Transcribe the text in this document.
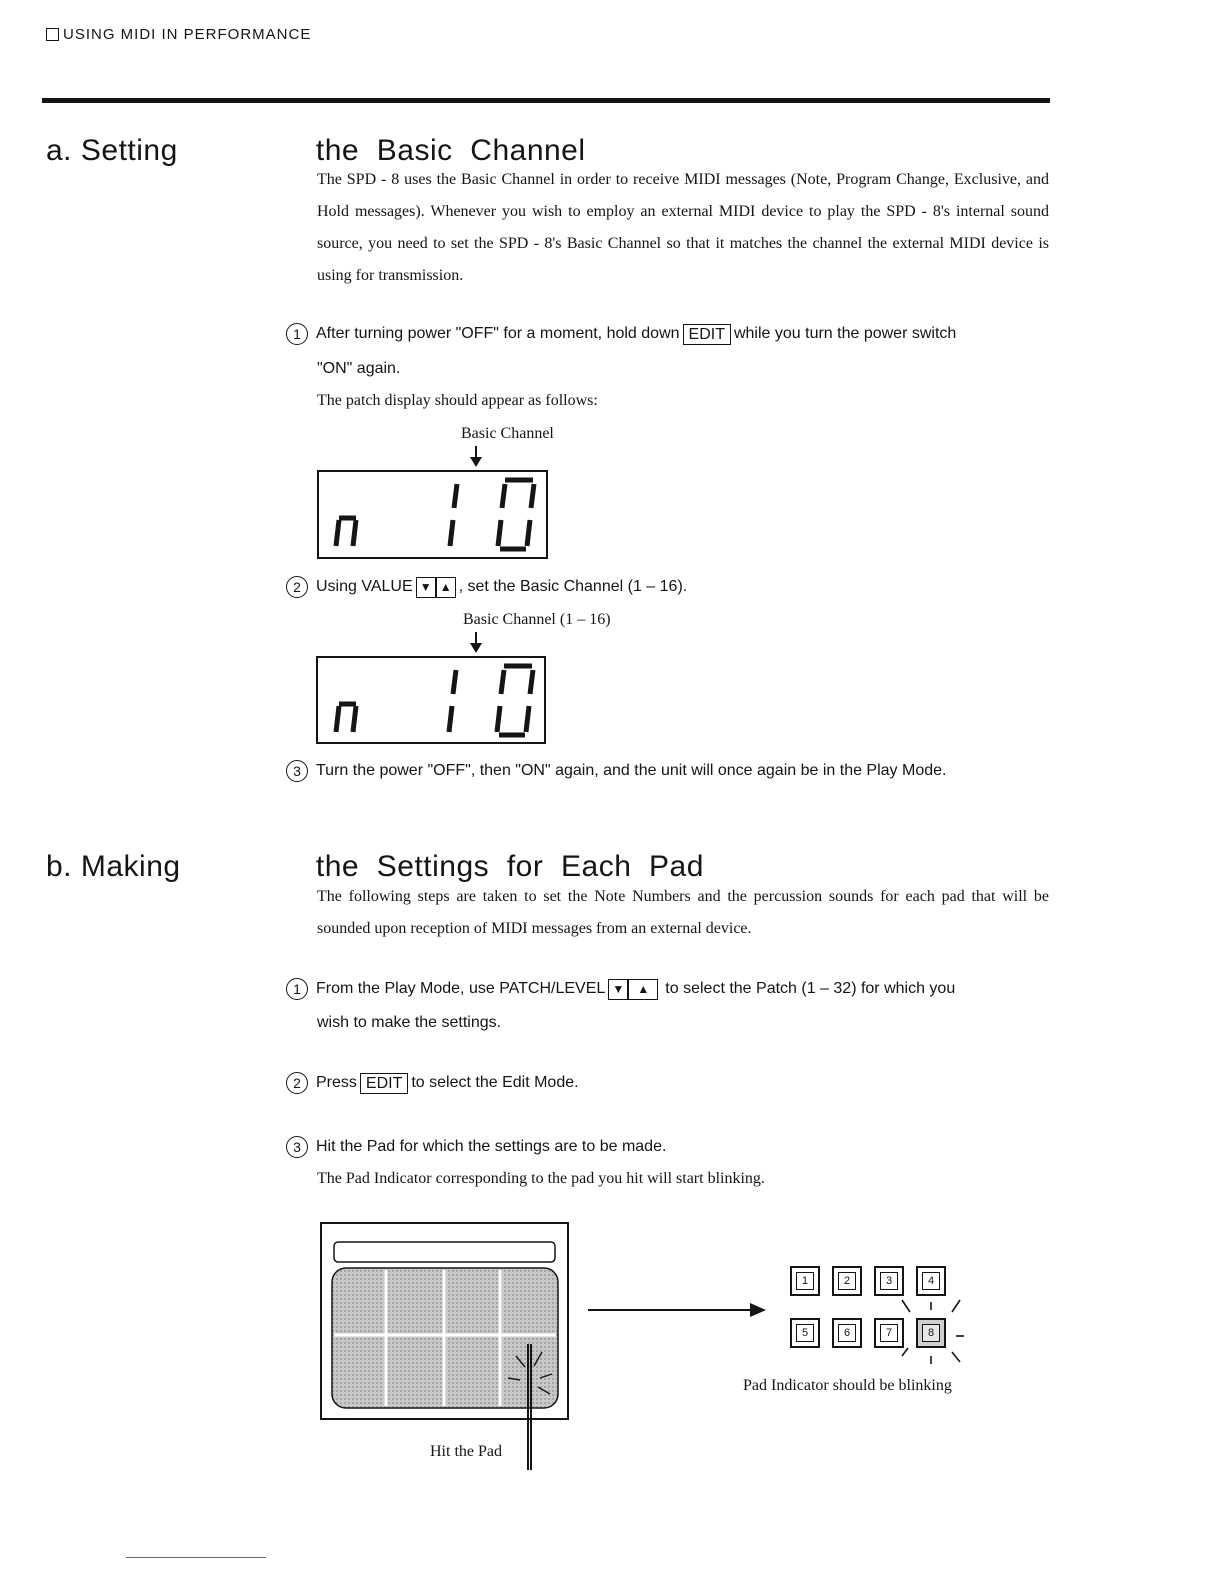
USING MIDI IN PERFORMANCE
a. Setting	the  Basic  Channel
The SPD - 8 uses the Basic Channel in order to receive MIDI messages (Note, Program Change, Exclusive, and Hold messages). Whenever you wish to employ an external MIDI device to play the SPD - 8's internal sound source, you need to set the SPD - 8's Basic Channel so that it matches the channel the external MIDI device is using for transmission.
1 After turning power "OFF" for a moment, hold down EDIT while you turn the power switch
"ON" again.
The patch display should appear as follows:
Basic Channel
2 Using VALUE ▼ ▲ , set the Basic Channel (1 – 16).
Basic Channel (1 – 16)
3 Turn the power "OFF", then "ON" again, and the unit will once again be in the Play Mode.
b. Making	the  Settings  for  Each  Pad
The following steps are taken to set the Note Numbers and the percussion sounds for each pad that will be sounded upon reception of MIDI messages from an external device.
1 From the Play Mode, use PATCH/LEVEL ▼	▲	to select the Patch (1 – 32) for which you
wish to make the settings.
2 Press EDIT to select the Edit Mode.
3 Hit the Pad for which the settings are to be made.
The Pad Indicator corresponding to the pad you hit will start blinking.
Hit the Pad
1	2	3	4
5	6	7	8
Pad Indicator should be blinking
